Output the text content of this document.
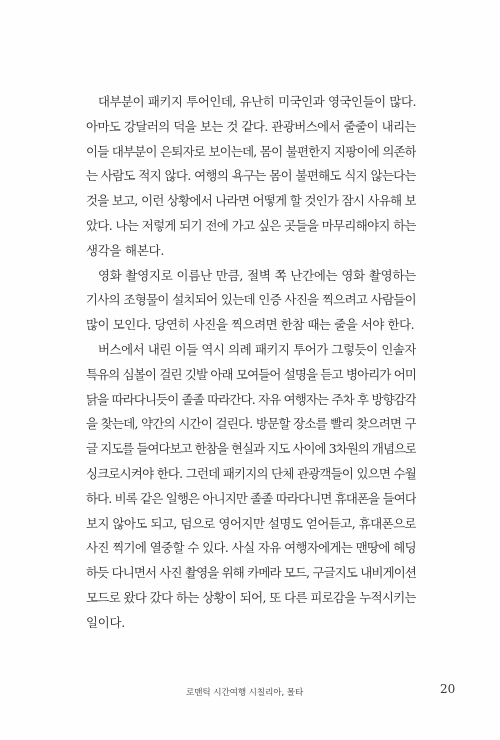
대부분이 패키지 투어인데, 유난히 미국인과 영국인들이 많다.
아마도 강달러의 덕을 보는 것 같다. 관광버스에서 줄줄이 내리는
이들 대부분이 은퇴자로 보이는데, 몸이 불편한지 지팡이에 의존하
는 사람도 적지 않다. 여행의 욕구는 몸이 불편해도 식지 않는다는
것을 보고, 이런 상황에서 나라면 어떻게 할 것인가 잠시 사유해 보
았다. 나는 저렇게 되기 전에 가고 싶은 곳들을 마무리해야지 하는
생각을 해본다.
영화 촬영지로 이름난 만큼, 절벽 쪽 난간에는 영화 촬영하는
기사의 조형물이 설치되어 있는데 인증 사진을 찍으려고 사람들이
많이 모인다. 당연히 사진을 찍으려면 한참 때는 줄을 서야 한다.
버스에서 내린 이들 역시 의례 패키지 투어가 그렇듯이 인솔자
특유의 심볼이 걸린 깃발 아래 모여들어 설명을 듣고 병아리가 어미
닭을 따라다니듯이 졸졸 따라간다. 자유 여행자는 주차 후 방향감각
을 찾는데, 약간의 시간이 걸린다. 방문할 장소를 빨리 찾으려면 구
글 지도를 들여다보고 한참을 현실과 지도 사이에 3차원의 개념으로
싱크로시켜야 한다. 그런데 패키지의 단체 관광객들이 있으면 수월
하다. 비록 같은 일행은 아니지만 졸졸 따라다니면 휴대폰을 들여다
보지 않아도 되고, 덤으로 영어지만 설명도 얻어듣고, 휴대폰으로
사진 찍기에 열중할 수 있다. 사실 자유 여행자에게는 맨땅에 헤딩
하듯 다니면서 사진 촬영을 위해 카메라 모드, 구글지도 내비게이션
모드로 왔다 갔다 하는 상황이 되어, 또 다른 피로감을 누적시키는
일이다.
로맨틱 시간여행 시칠리아, 몰타	20
